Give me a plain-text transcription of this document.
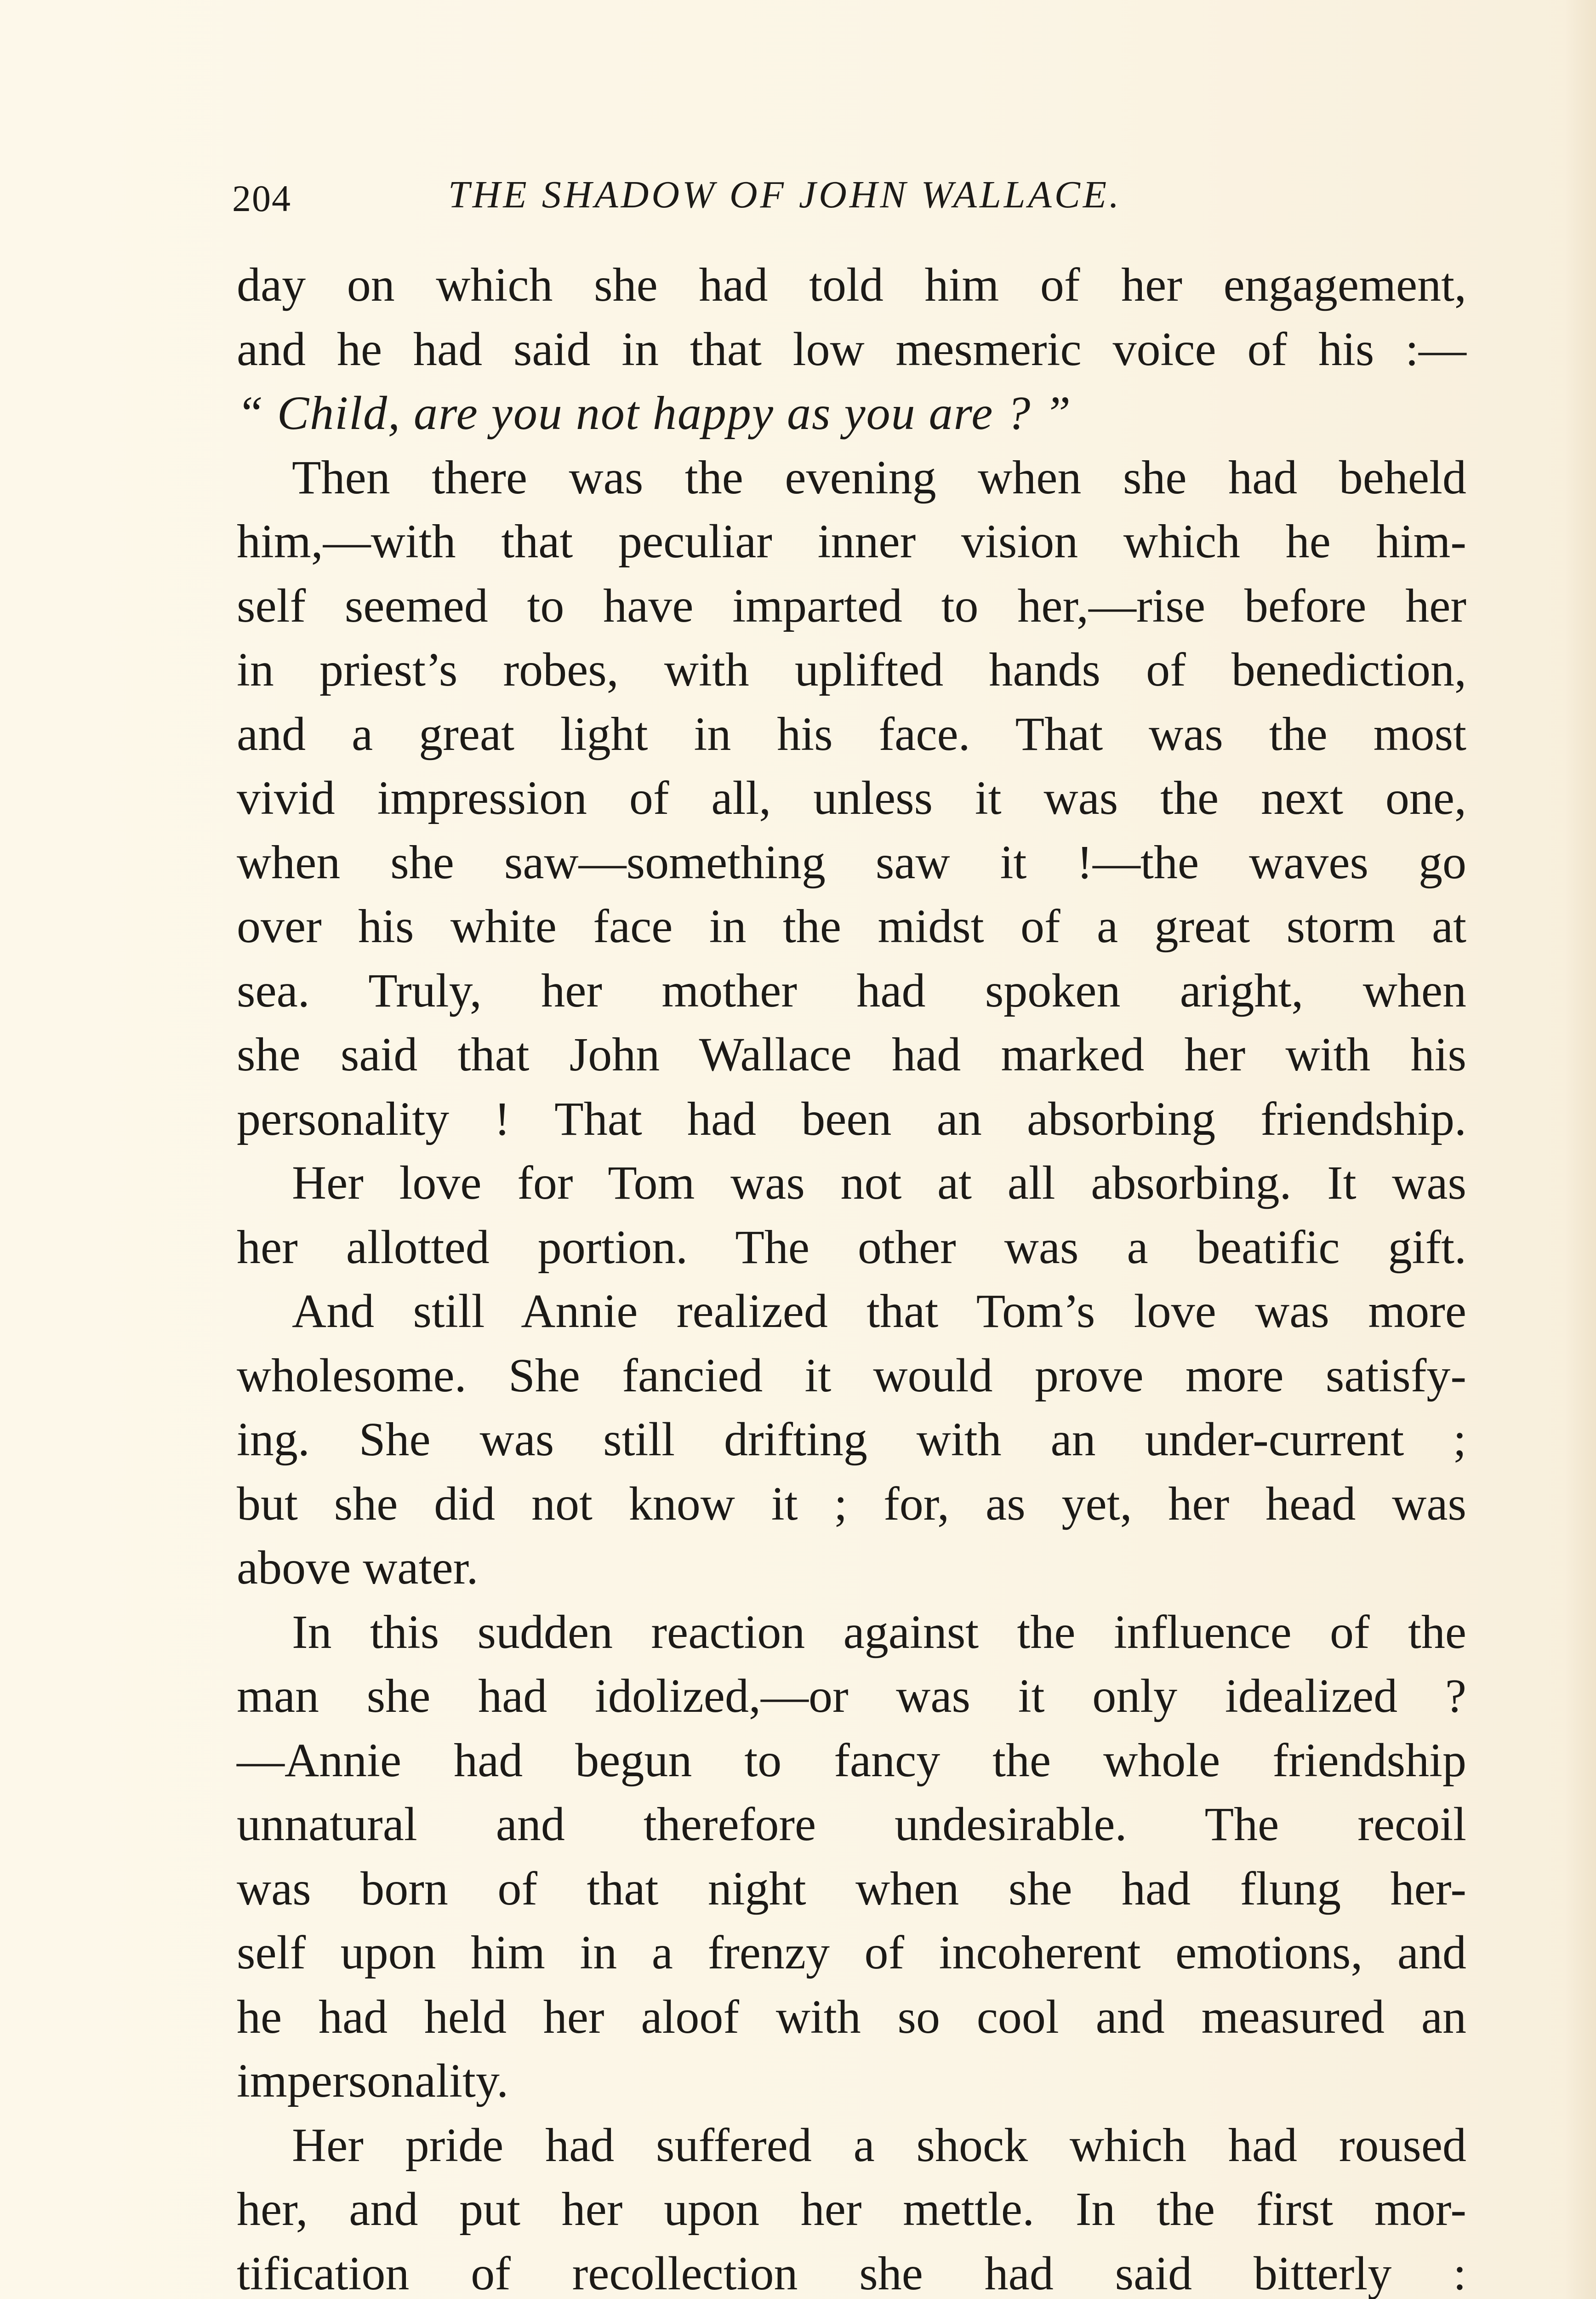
204	THE SHADOW OF JOHN WALLACE.
day on which she had told him of her engagement,
and he had said in that low mesmeric voice of his :—
“ Child, are you not happy as you are ? ”
Then there was the evening when she had beheld
him,—with that peculiar inner vision which he him-
self seemed to have imparted to her,—rise before her
in priest’s robes, with uplifted hands of benediction,
and a great light in his face. That was the most
vivid impression of all, unless it was the next one,
when she saw—something saw it !—the waves go
over his white face in the midst of a great storm at
sea. Truly, her mother had spoken aright, when
she said that John Wallace had marked her with his
personality ! That had been an absorbing friendship.
Her love for Tom was not at all absorbing. It was
her allotted portion. The other was a beatific gift.
And still Annie realized that Tom’s love was more
wholesome. She fancied it would prove more satisfy-
ing. She was still drifting with an under-current ;
but she did not know it ; for, as yet, her head was
above water.
In this sudden reaction against the influence of the
man she had idolized,—or was it only idealized ?
—Annie had begun to fancy the whole friendship
unnatural and therefore undesirable. The recoil
was born of that night when she had flung her-
self upon him in a frenzy of incoherent emotions, and
he had held her aloof with so cool and measured an
impersonality.
Her pride had suffered a shock which had roused
her, and put her upon her mettle. In the first mor-
tification of recollection she had said bitterly :
